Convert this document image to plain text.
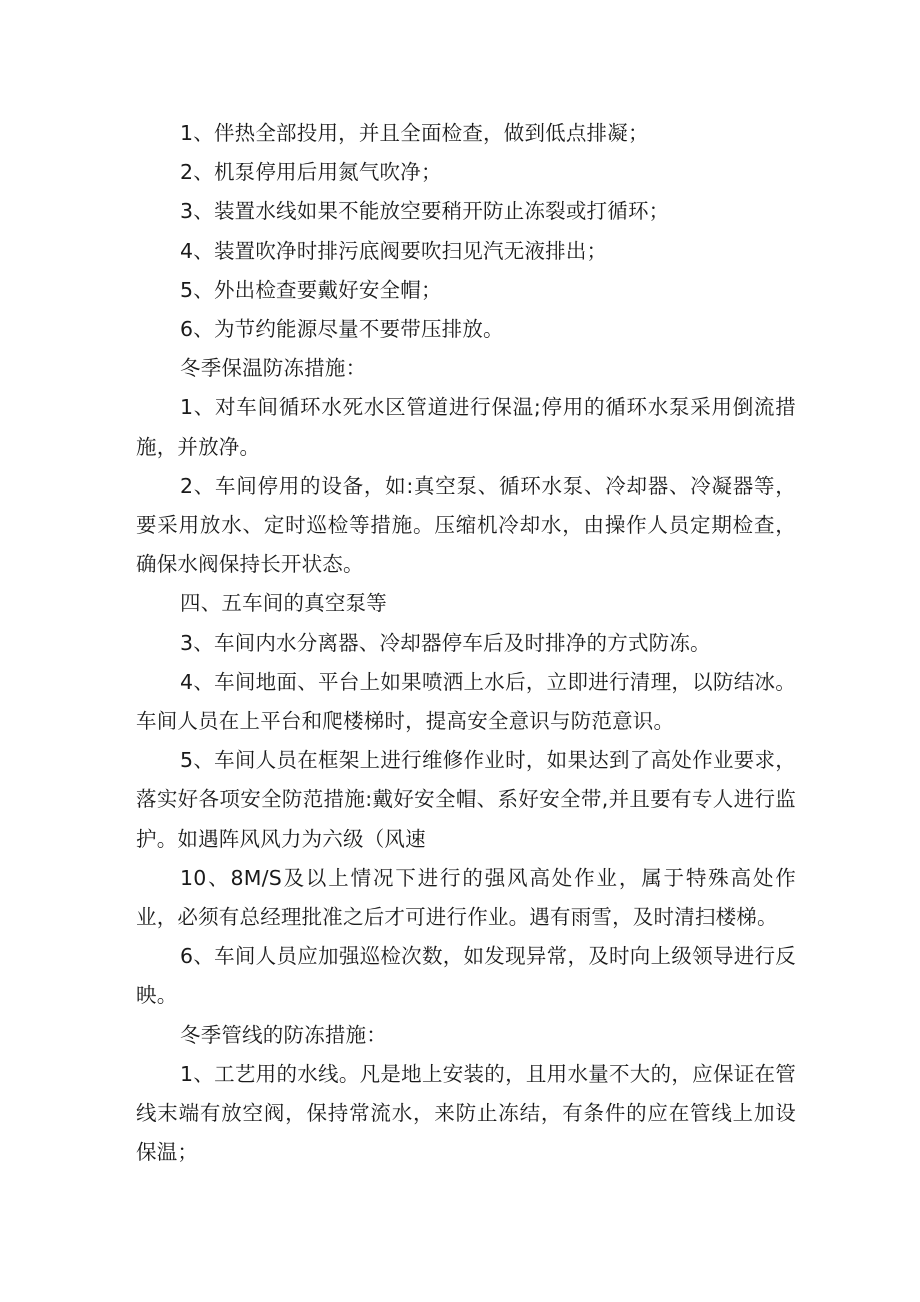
1、伴热全部投用，并且全面检查，做到低点排凝；

2、机泵停用后用氮气吹净；

3、装置水线如果不能放空要稍开防止冻裂或打循环；

4、装置吹净时排污底阀要吹扫见汽无液排出；

5、外出检查要戴好安全帽；

6、为节约能源尽量不要带压排放。

冬季保温防冻措施：

1、对车间循环水死水区管道进行保温;停用的循环水泵采用倒流措施，并放净。

2、车间停用的设备，如:真空泵、循环水泵、冷却器、冷凝器等，要采用放水、定时巡检等措施。压缩机冷却水，由操作人员定期检查，确保水阀保持长开状态。

四、五车间的真空泵等

3、车间内水分离器、冷却器停车后及时排净的方式防冻。

4、车间地面、平台上如果喷洒上水后，立即进行清理，以防结冰。车间人员在上平台和爬楼梯时，提高安全意识与防范意识。

5、车间人员在框架上进行维修作业时，如果达到了高处作业要求，落实好各项安全防范措施:戴好安全帽、系好安全带,并且要有专人进行监护。如遇阵风风力为六级（风速

10、8M/S及以上情况下进行的强风高处作业，属于特殊高处作业，必须有总经理批准之后才可进行作业。遇有雨雪，及时清扫楼梯。

6、车间人员应加强巡检次数，如发现异常，及时向上级领导进行反映。

冬季管线的防冻措施：

1、工艺用的水线。凡是地上安装的，且用水量不大的，应保证在管线末端有放空阀，保持常流水，来防止冻结，有条件的应在管线上加设保温；
